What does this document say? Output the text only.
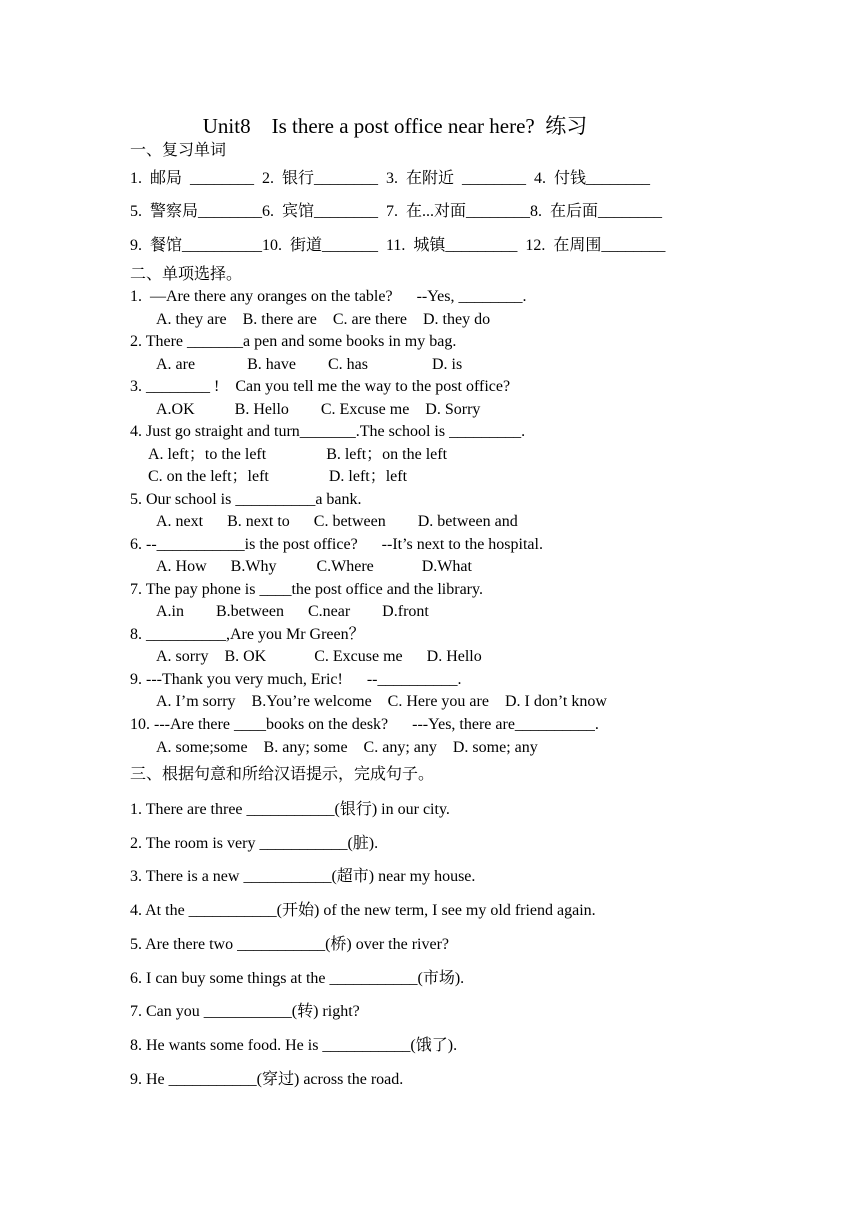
Unit8    Is there a post office near here?  练习
一、复习单词
1.  邮局  ________  2.  银行________  3.  在附近  ________  4.  付钱________
5.  警察局________6.  宾馆________  7.  在...对面________8.  在后面________
9.  餐馆__________10.  街道_______  11.  城镇_________  12.  在周围________
二、单项选择。
1.  —Are there any oranges on the table?      --Yes, ________.
A. they are    B. there are    C. are there    D. they do
2. There _______a pen and some books in my bag.
A. are             B. have        C. has                D. is
3. ________ !    Can you tell me the way to the post office?
A.OK          B. Hello        C. Excuse me    D. Sorry
4. Just go straight and turn_______.The school is _________.
A. left；to the left               B. left；on the left
C. on the left；left               D. left；left
5. Our school is __________a bank.
A. next      B. next to      C. between        D. between and
6. --___________is the post office?      --It’s next to the hospital.
A. How      B.Why          C.Where            D.What
7. The pay phone is ____the post office and the library.
A.in        B.between      C.near        D.front
8. __________,Are you Mr Green？
A. sorry    B. OK            C. Excuse me      D. Hello
9. ---Thank you very much, Eric!      --__________.
A. I’m sorry    B.You’re welcome    C. Here you are    D. I don’t know
10. ---Are there ____books on the desk?      ---Yes, there are__________.
A. some;some    B. any; some    C. any; any    D. some; any
三、根据句意和所给汉语提示，完成句子。
1. There are three ___________(银行) in our city.
2. The room is very ___________(脏).
3. There is a new ___________(超市) near my house.
4. At the ___________(开始) of the new term, I see my old friend again.
5. Are there two ___________(桥) over the river?
6. I can buy some things at the ___________(市场).
7. Can you ___________(转) right?
8. He wants some food. He is ___________(饿了).
9. He ___________(穿过) across the road.
